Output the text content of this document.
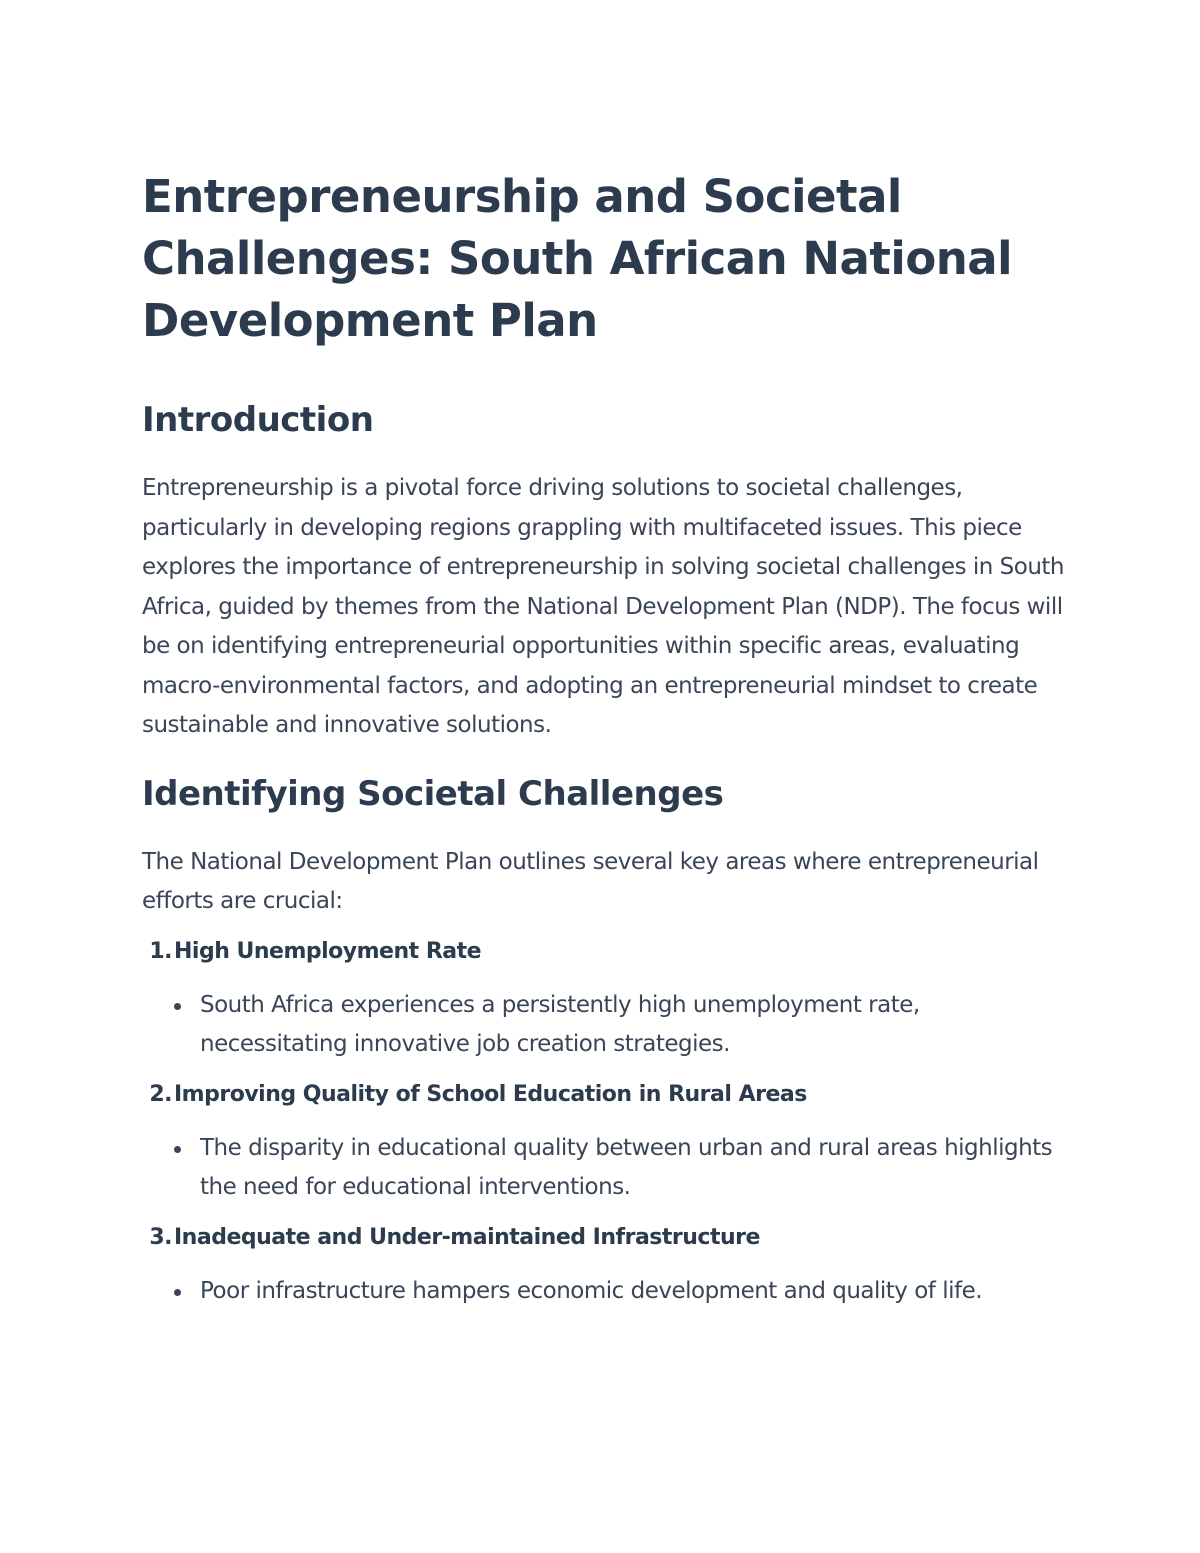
Entrepreneurship and Societal Challenges: South African National Development Plan
Introduction

Entrepreneurship is a pivotal force driving solutions to societal challenges, particularly in developing regions grappling with multifaceted issues. This piece explores the importance of entrepreneurship in solving societal challenges in South Africa, guided by themes from the National Development Plan (NDP). The focus will be on identifying entrepreneurial opportunities within specific areas, evaluating macro-environmental factors, and adopting an entrepreneurial mindset to create sustainable and innovative solutions.

Identifying Societal Challenges

The National Development Plan outlines several key areas where entrepreneurial efforts are crucial:

1. High Unemployment Rate
South Africa experiences a persistently high unemployment rate, necessitating innovative job creation strategies.
2. Improving Quality of School Education in Rural Areas
The disparity in educational quality between urban and rural areas highlights the need for educational interventions.
3. Inadequate and Under-maintained Infrastructure
Poor infrastructure hampers economic development and quality of life.
